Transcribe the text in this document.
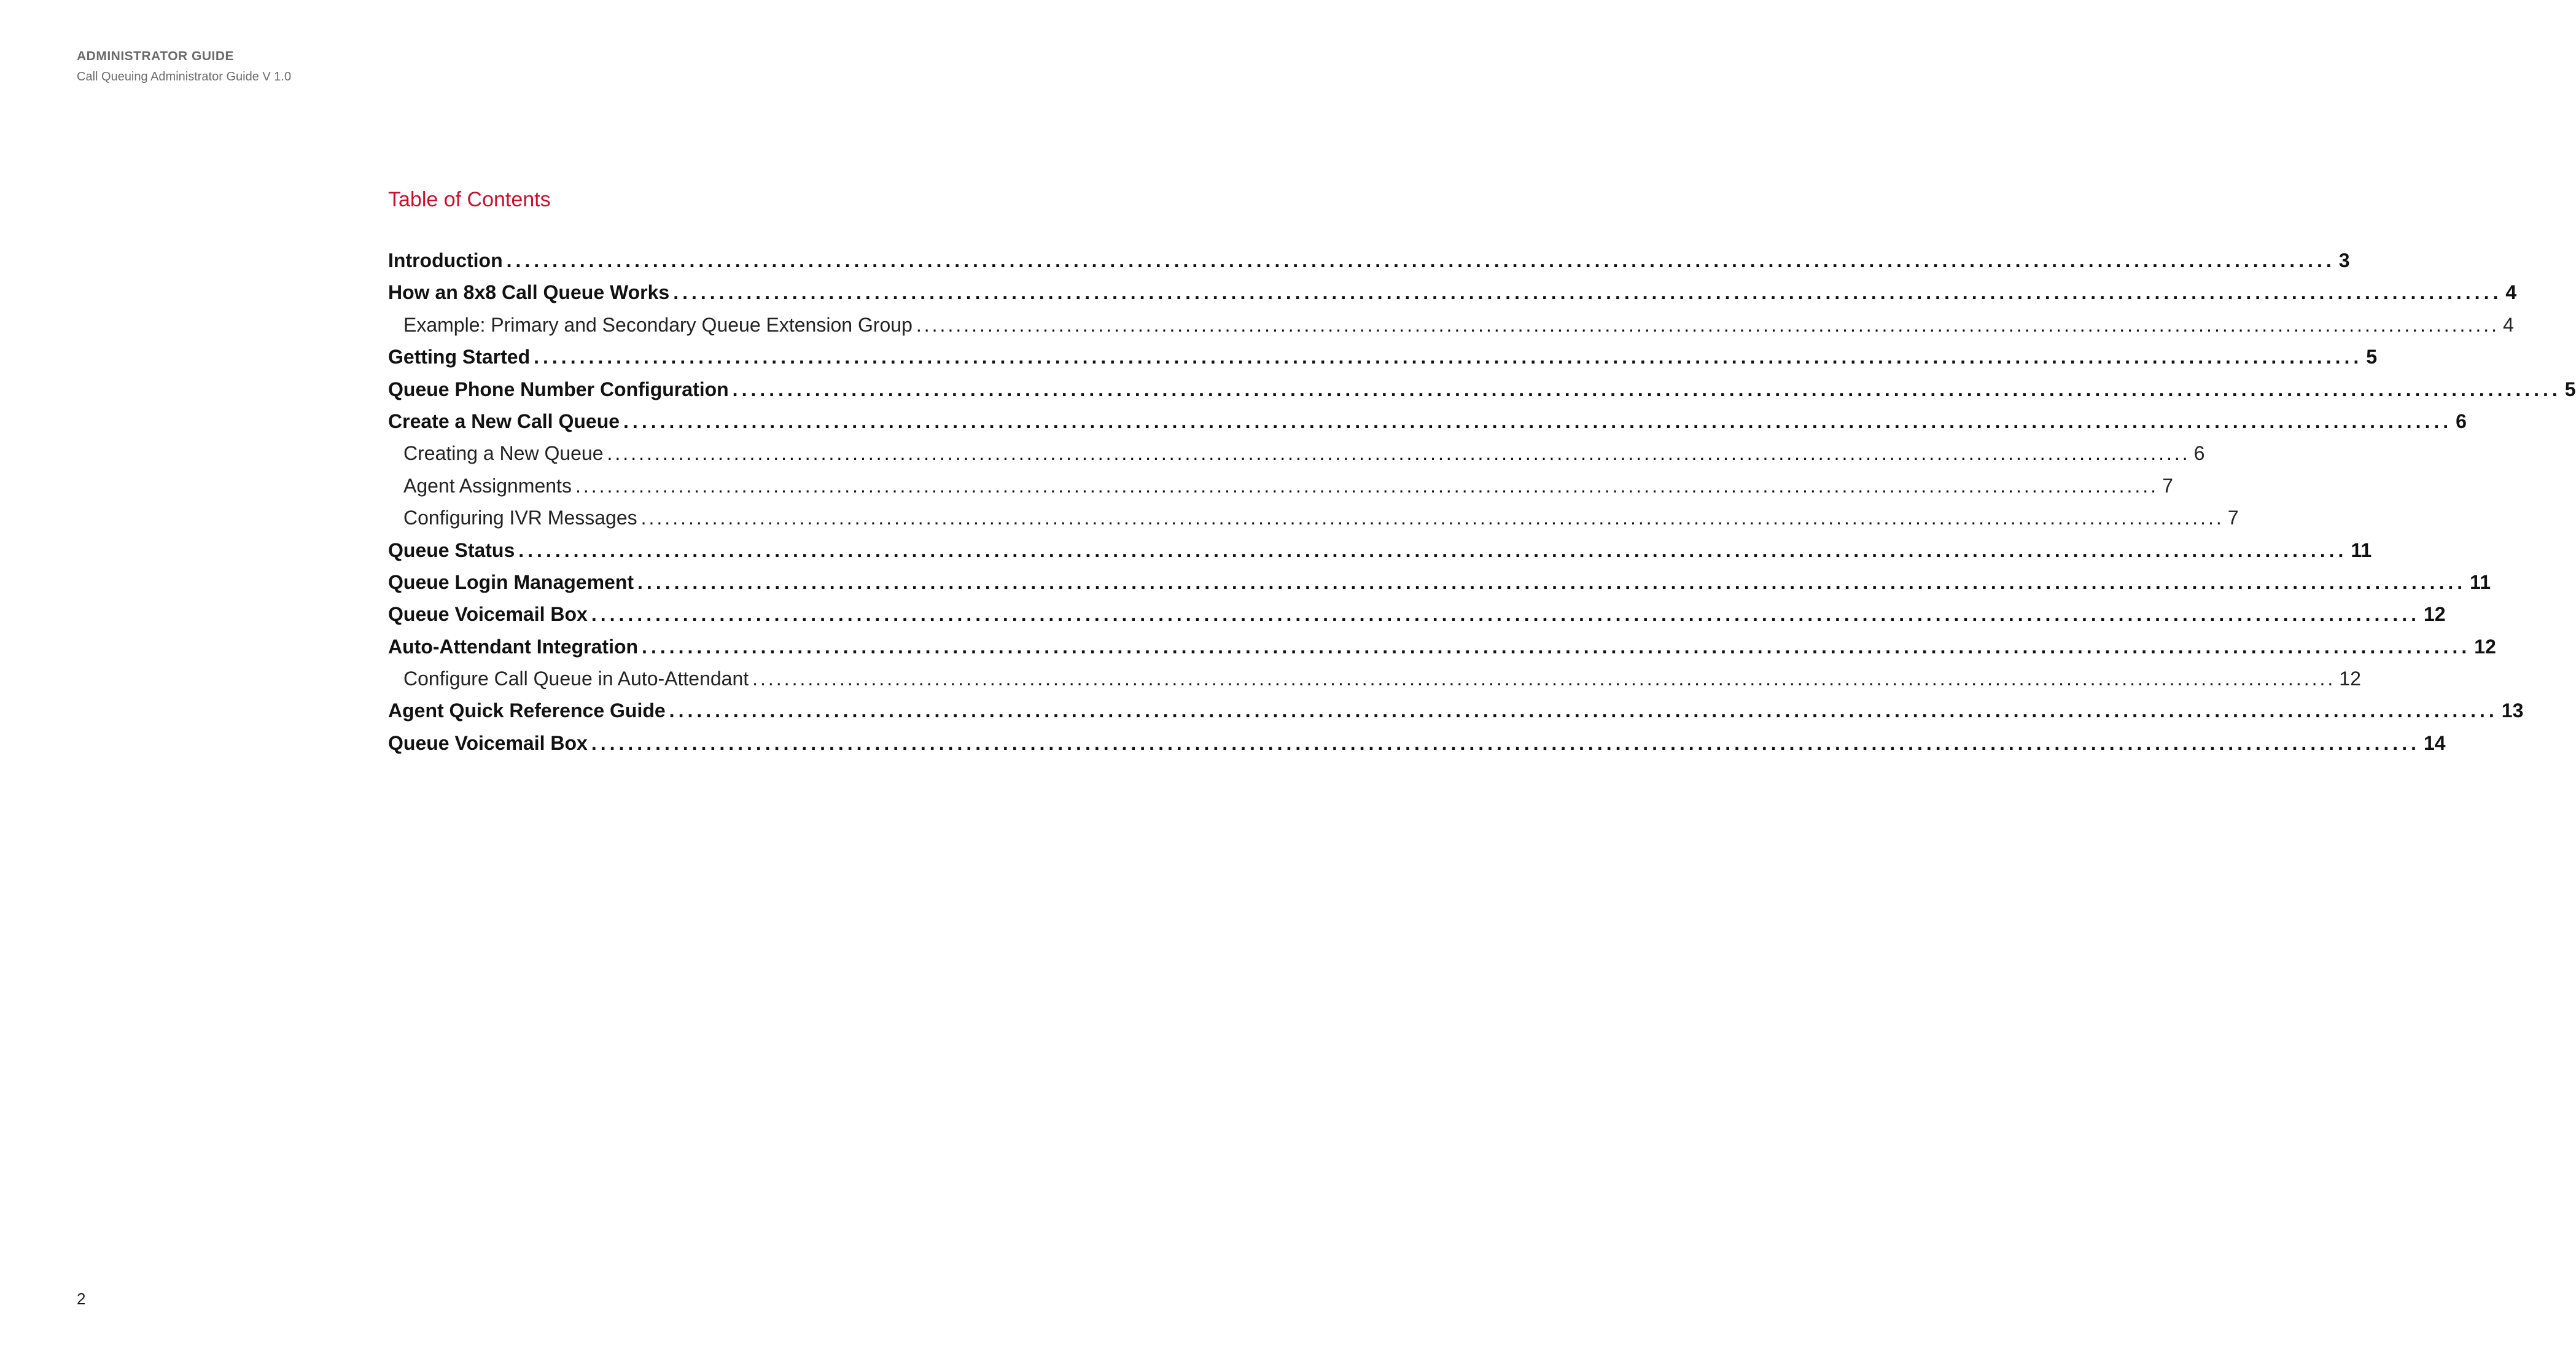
ADMINISTRATOR GUIDE
Call Queuing Administrator Guide V 1.0
Table of Contents
Introduction ........................................................................................................................................................................................................ 3
How an 8x8 Call Queue Works ........................................................................................................................................................................................................ 4
Example: Primary and Secondary Queue Extension Group ........................................................................................................................................................................................................ 4
Getting Started ........................................................................................................................................................................................................ 5
Queue Phone Number Configuration ........................................................................................................................................................................................................ 5
Create a New Call Queue ........................................................................................................................................................................................................ 6
Creating a New Queue ........................................................................................................................................................................................................ 6
Agent Assignments ........................................................................................................................................................................................................ 7
Configuring IVR Messages ........................................................................................................................................................................................................ 7
Queue Status ........................................................................................................................................................................................................ 11
Queue Login Management ........................................................................................................................................................................................................ 11
Queue Voicemail Box ........................................................................................................................................................................................................ 12
Auto-Attendant Integration ........................................................................................................................................................................................................ 12
Configure Call Queue in Auto-Attendant ........................................................................................................................................................................................................ 12
Agent Quick Reference Guide ........................................................................................................................................................................................................ 13
Queue Voicemail Box ........................................................................................................................................................................................................ 14
2
